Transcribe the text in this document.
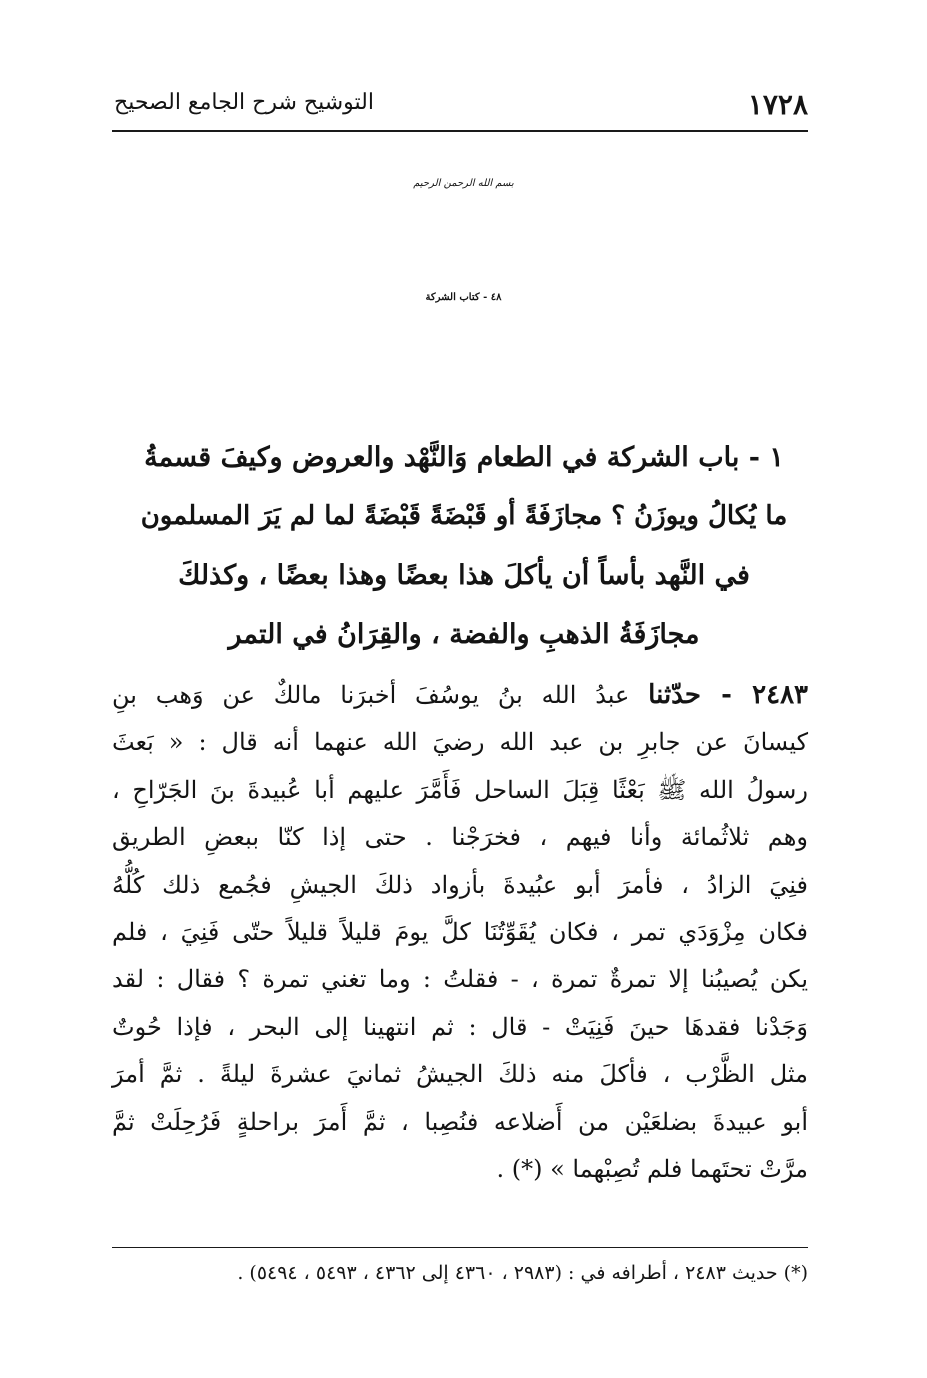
١٧٢٨
التوشيح شرح الجامع الصحيح
بسم الله الرحمن الرحيم
٤٨ - كتاب الشركة
١ - باب الشركة في الطعام وَالنَّهْد والعروض وكيفَ قسمةُ
ما يُكالُ ويوزَنُ ؟ مجازَفَةً أو قَبْضَةً قَبْضَةً لما لم يَرَ المسلمون
في النَّهد بأساً أن يأكلَ هذا بعضًا وهذا بعضًا ، وكذلكَ
مجازَفَةُ الذهبِ والفضة ، والقِرَانُ في التمر
٢٤٨٣ - حدّثنا عبدُ الله بنُ يوسُفَ أخبرَنا مالكٌ عن وَهب بنِ
كيسانَ عن جابرِ بن عبد الله رضيَ الله عنهما أنه قال : « بَعثَ
رسولُ الله ﷺ بَعْثًا قِبَلَ الساحل فَأَمَّرَ عليهم أبا عُبيدةَ بنَ الجَرّاحِ ،
وهم ثلاثُمائة وأنا فيهم ، فخرَجْنا . حتى إذا كنّا ببعضِ الطريق
فنِيَ الزادُ ، فأمرَ أبو عبُيدةَ بأزواد ذلكَ الجيشِ فجُمع ذلك كُلُّهُ
فكان مِزْوَدَي تمر ، فكان يُقَوِّتُنَا كلَّ يومَ قليلاً قليلاً حتّى فَنِيَ ، فلم
يكن يُصيبُنا إلا تمرةٌ تمرة ، - فقلتُ : وما تغني تمرة ؟ فقال : لقد
وَجَدْنا فقدهَا حينَ فَنِيَتْ - قال : ثم انتهينا إلى البحر ، فإذا حُوتٌ
مثل الظَّرْب ، فأكلَ منه ذلكَ الجيشُ ثمانيَ عشرةَ ليلةً . ثمَّ أمرَ
أبو عبيدةَ بضلعَيْن من أَضلاعه فنُصِبا ، ثمَّ أَمرَ براحلةٍ فَرُحِلَتْ ثمَّ
مرَّتْ تحتَهما فلم تُصِبْهما » (*) .
(*) حديث ٢٤٨٣ ، أطرافه في : (٢٩٨٣ ، ٤٣٦٠ إلى ٤٣٦٢ ، ٥٤٩٣ ، ٥٤٩٤) .
